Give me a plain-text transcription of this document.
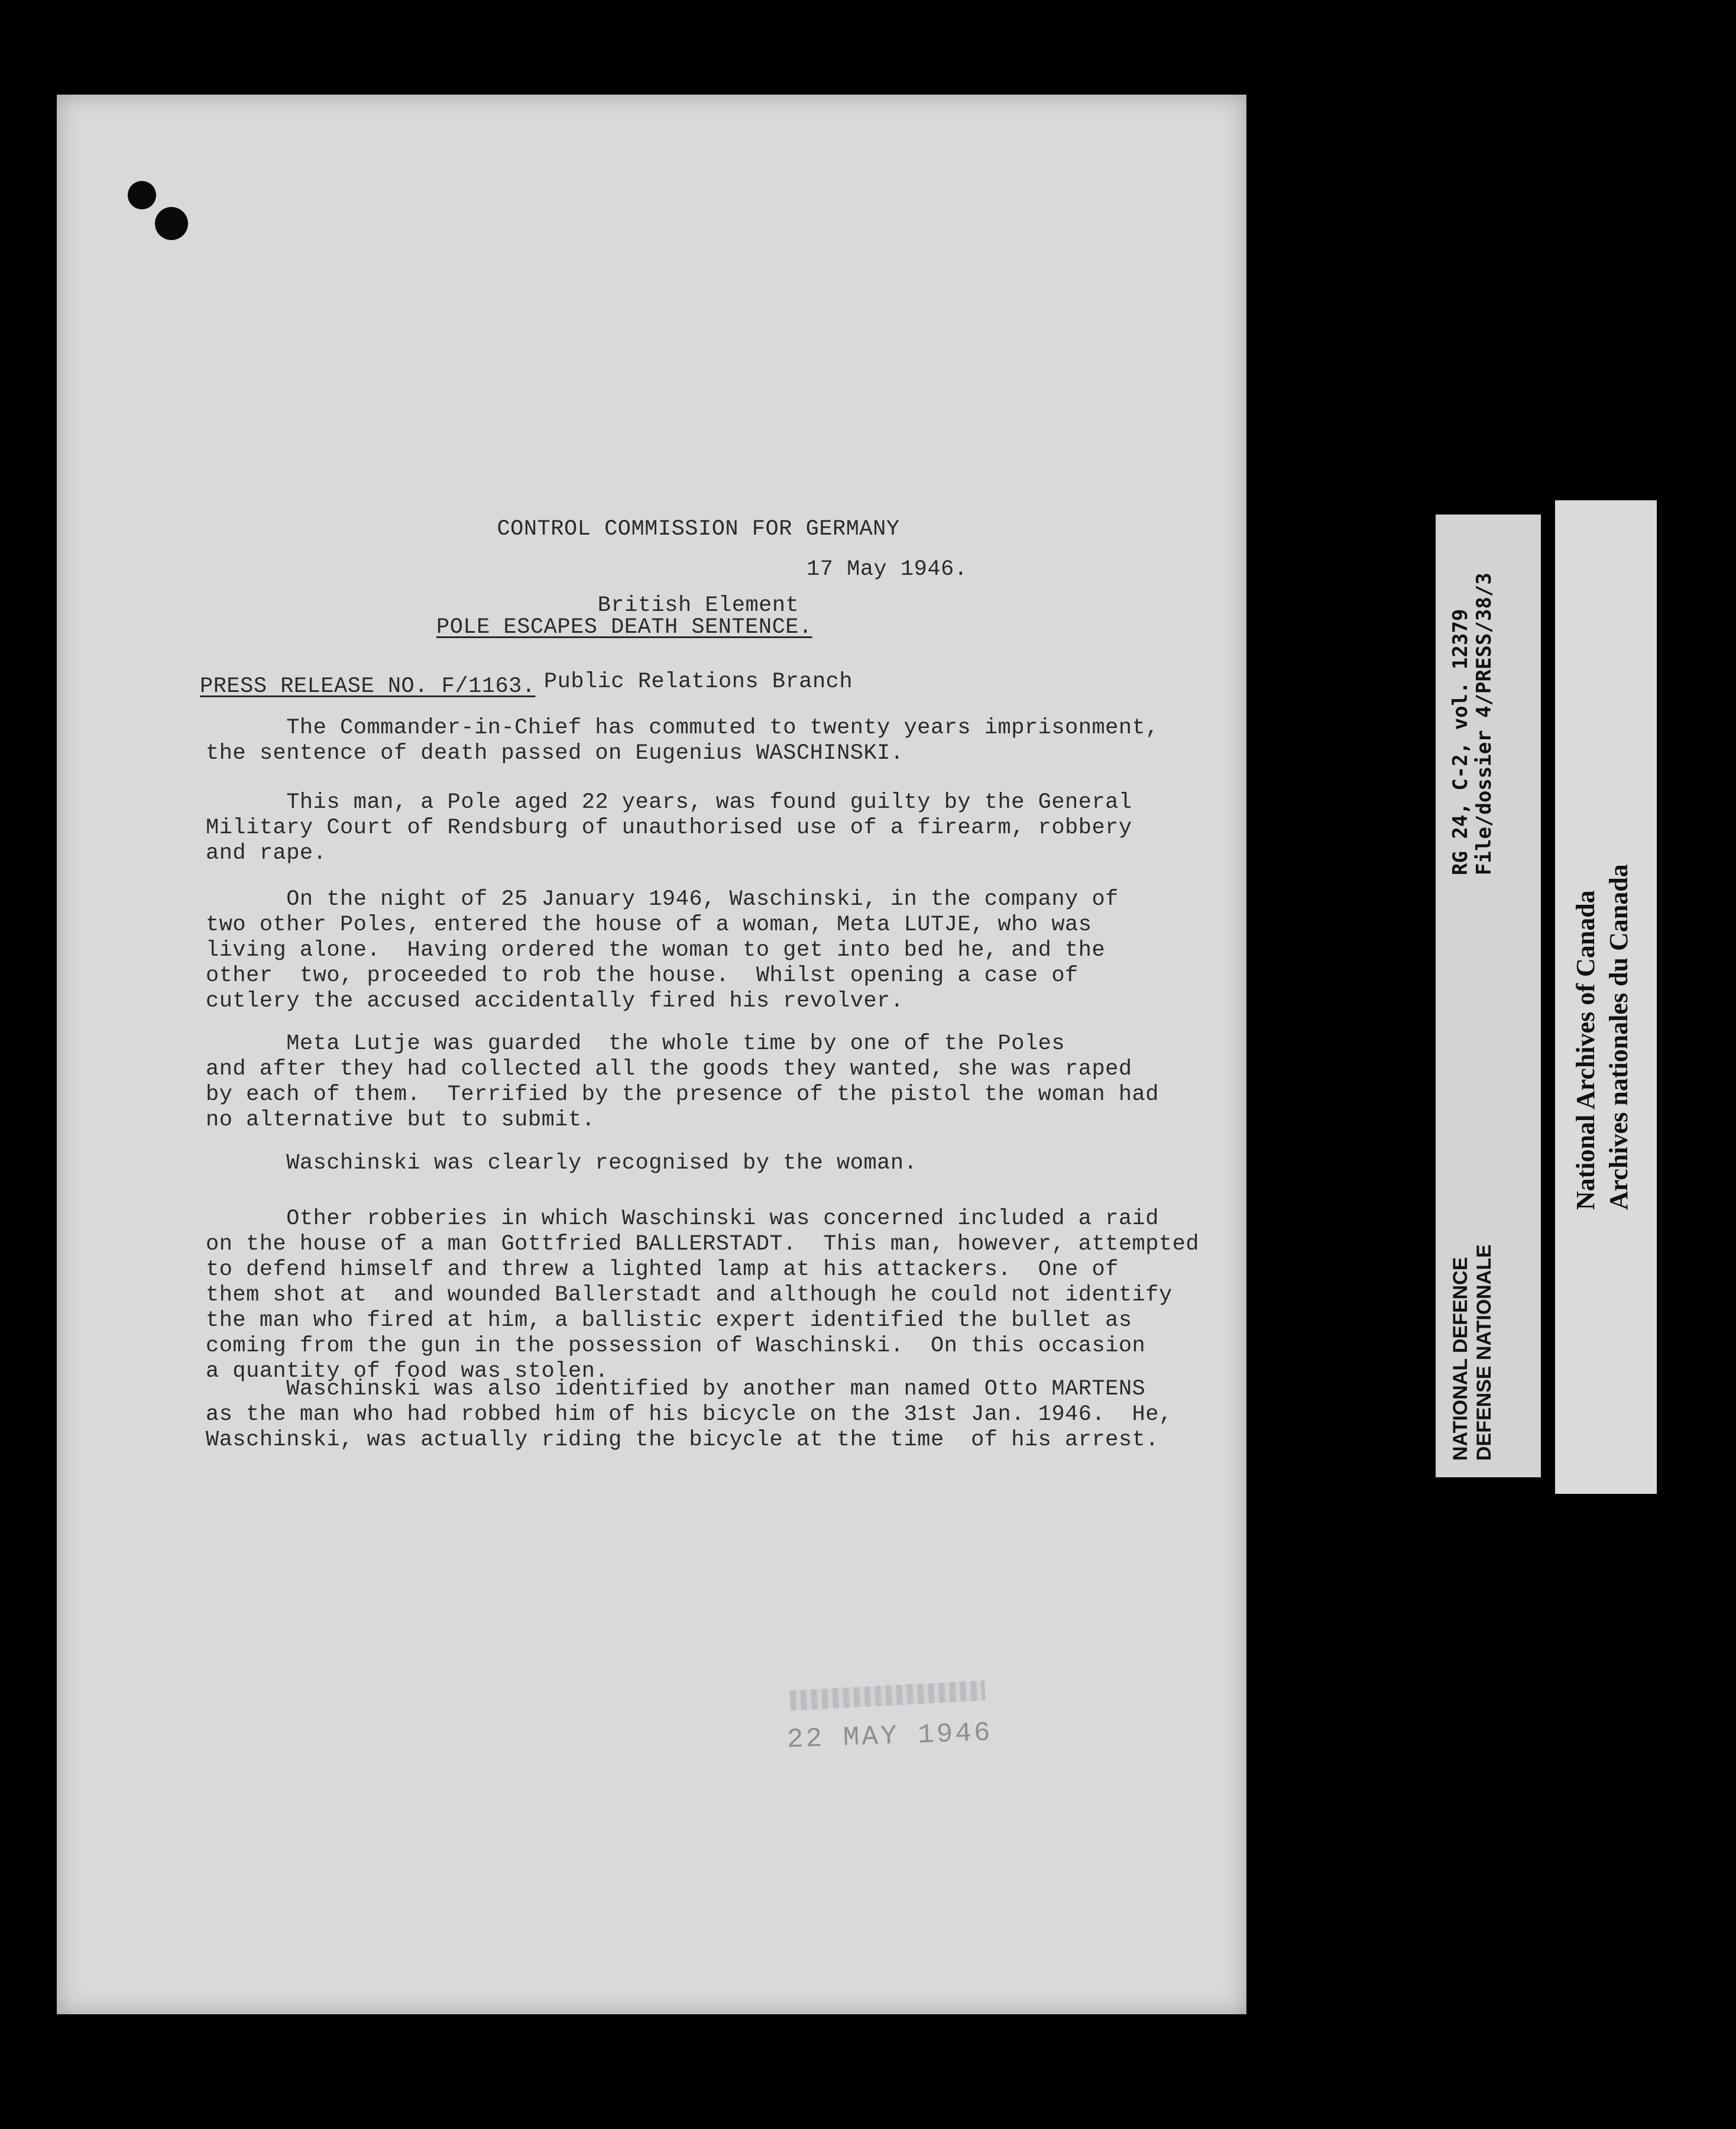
CONTROL COMMISSION FOR GERMANY

British Element

Public Relations Branch

17 May 1946.
POLE ESCAPES DEATH SENTENCE.
PRESS RELEASE NO. F/1163.
The Commander-in-Chief has commuted to twenty years imprisonment,
the sentence of death passed on Eugenius WASCHINSKI.
This man, a Pole aged 22 years, was found guilty by the General
Military Court of Rendsburg of unauthorised use of a firearm, robbery
and rape.
On the night of 25 January 1946, Waschinski, in the company of
two other Poles, entered the house of a woman, Meta LUTJE, who was
living alone.  Having ordered the woman to get into bed he, and the
other  two, proceeded to rob the house.  Whilst opening a case of
cutlery the accused accidentally fired his revolver.
Meta Lutje was guarded  the whole time by one of the Poles
and after they had collected all the goods they wanted, she was raped
by each of them.  Terrified by the presence of the pistol the woman had
no alternative but to submit.
Waschinski was clearly recognised by the woman.
Other robberies in which Waschinski was concerned included a raid
on the house of a man Gottfried BALLERSTADT.  This man, however, attempted
to defend himself and threw a lighted lamp at his attackers.  One of
them shot at  and wounded Ballerstadt and although he could not identify
the man who fired at him, a ballistic expert identified the bullet as
coming from the gun in the possession of Waschinski.  On this occasion
a quantity of food was stolen.
Waschinski was also identified by another man named Otto MARTENS
as the man who had robbed him of his bicycle on the 31st Jan. 1946.  He,
Waschinski, was actually riding the bicycle at the time  of his arrest.
22 MAY 1946
RG 24, C-2, vol. 12379
File/dossier 4/PRESS/38/3
NATIONAL DEFENCE
DEFENSE NATIONALE
National Archives of Canada
Archives nationales du Canada
